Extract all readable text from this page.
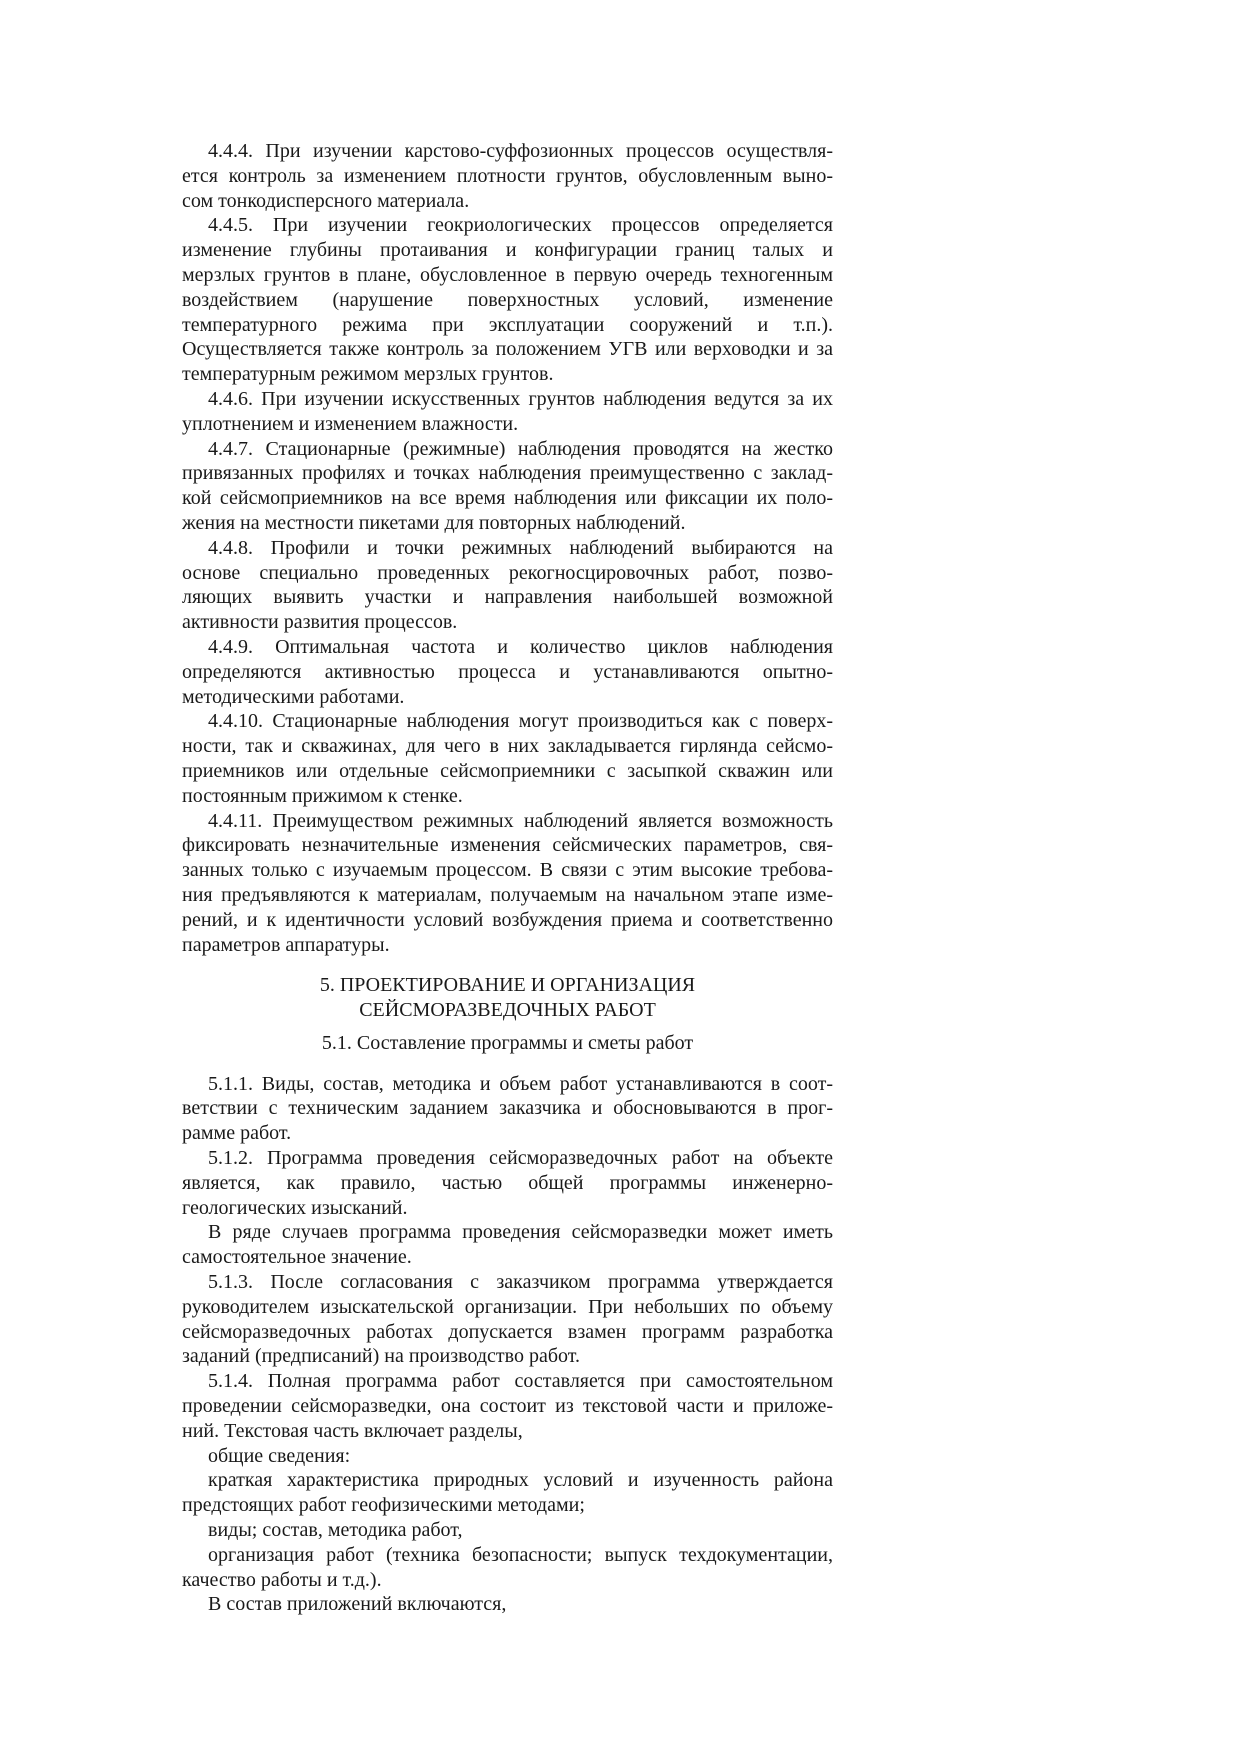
4.4.4. При изучении карстово-суффозионных процессов осуществля-
ется контроль за изменением плотности грунтов, обусловленным выно-
сом тонкодисперсного материала.
4.4.5. При изучении геокриологических процессов определяется
изменение глубины протаивания и конфигурации границ талых и
мерзлых грунтов в плане, обусловленное в первую очередь техногенным
воздействием (нарушение поверхностных условий, изменение
температурного режима при эксплуатации сооружений и т.п.).
Осуществляется также контроль за положением УГВ или верховодки и за
температурным режимом мерзлых грунтов.
4.4.6. При изучении искусственных грунтов наблюдения ведутся за их
уплотнением и изменением влажности.
4.4.7. Стационарные (режимные) наблюдения проводятся на жестко
привязанных профилях и точках наблюдения преимущественно с заклад-
кой сейсмоприемников на все время наблюдения или фиксации их поло-
жения на местности пикетами для повторных наблюдений.
4.4.8. Профили и точки режимных наблюдений выбираются на
основе специально проведенных рекогносцировочных работ, позво-
ляющих выявить участки и направления наибольшей возможной
активности развития процессов.
4.4.9. Оптимальная частота и количество циклов наблюдения
определяются активностью процесса и устанавливаются опытно-
методическими работами.
4.4.10. Стационарные наблюдения могут производиться как с поверх-
ности, так и скважинах, для чего в них закладывается гирлянда сейсмо-
приемников или отдельные сейсмоприемники с засыпкой скважин или
постоянным прижимом к стенке.
4.4.11. Преимуществом режимных наблюдений является возможность
фиксировать незначительные изменения сейсмических параметров, свя-
занных только с изучаемым процессом. В связи с этим высокие требова-
ния предъявляются к материалам, получаемым на начальном этапе изме-
рений, и к идентичности условий возбуждения приема и соответственно
параметров аппаратуры.
5. ПРОЕКТИРОВАНИЕ И ОРГАНИЗАЦИЯ
СЕЙСМОРАЗВЕДОЧНЫХ РАБОТ
5.1. Составление программы и сметы работ
5.1.1. Виды, состав, методика и объем работ устанавливаются в соот-
ветствии с техническим заданием заказчика и обосновываются в прог-
рамме работ.
5.1.2. Программа проведения сейсморазведочных работ на объекте
является, как правило, частью общей программы инженерно-
геологических изысканий.
В ряде случаев программа проведения сейсморазведки может иметь
самостоятельное значение.
5.1.3. После согласования с заказчиком программа утверждается
руководителем изыскательской организации. При небольших по объему
сейсморазведочных работах допускается взамен программ разработка
заданий (предписаний) на производство работ.
5.1.4. Полная программа работ составляется при самостоятельном
проведении сейсморазведки, она состоит из текстовой части и приложе-
ний. Текстовая часть включает разделы,
общие сведения:
краткая характеристика природных условий и изученность района
предстоящих работ геофизическими методами;
виды; состав, методика работ,
организация работ (техника безопасности; выпуск техдокументации,
качество работы и т.д.).
В состав приложений включаются,
